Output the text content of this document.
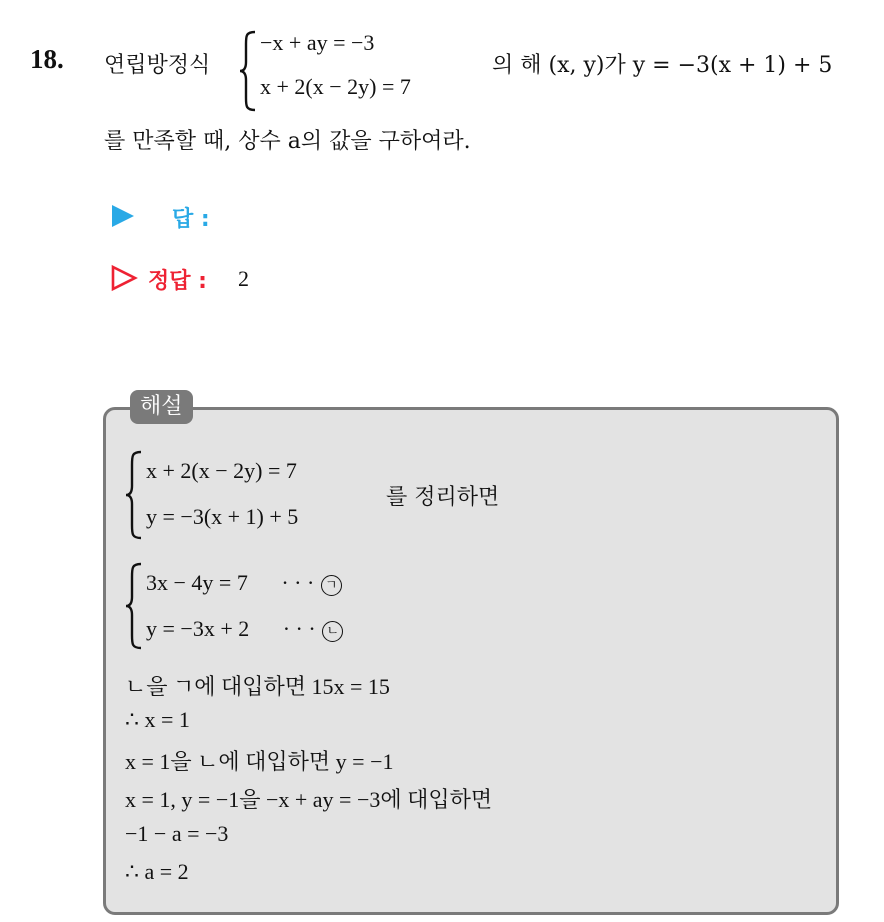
18. 연립방정식
−x + ay = −3
x + 2(x − 2y) = 7
의 해 (x, y)가 y = −3(x + 1) + 5
를 만족할 때, 상수 a의 값을 구하여라.
답 :
정답 : 2
해설
x + 2(x − 2y) = 7
y = −3(x + 1) + 5
를 정리하면
3x − 4y = 7 · · · ㄱ
y = −3x + 2 · · · ㄴ
ㄴ을 ㄱ에 대입하면 15x = 15
∴ x = 1
x = 1을 ㄴ에 대입하면 y = −1
x = 1, y = −1을 −x + ay = −3에 대입하면
−1 − a = −3
∴ a = 2
